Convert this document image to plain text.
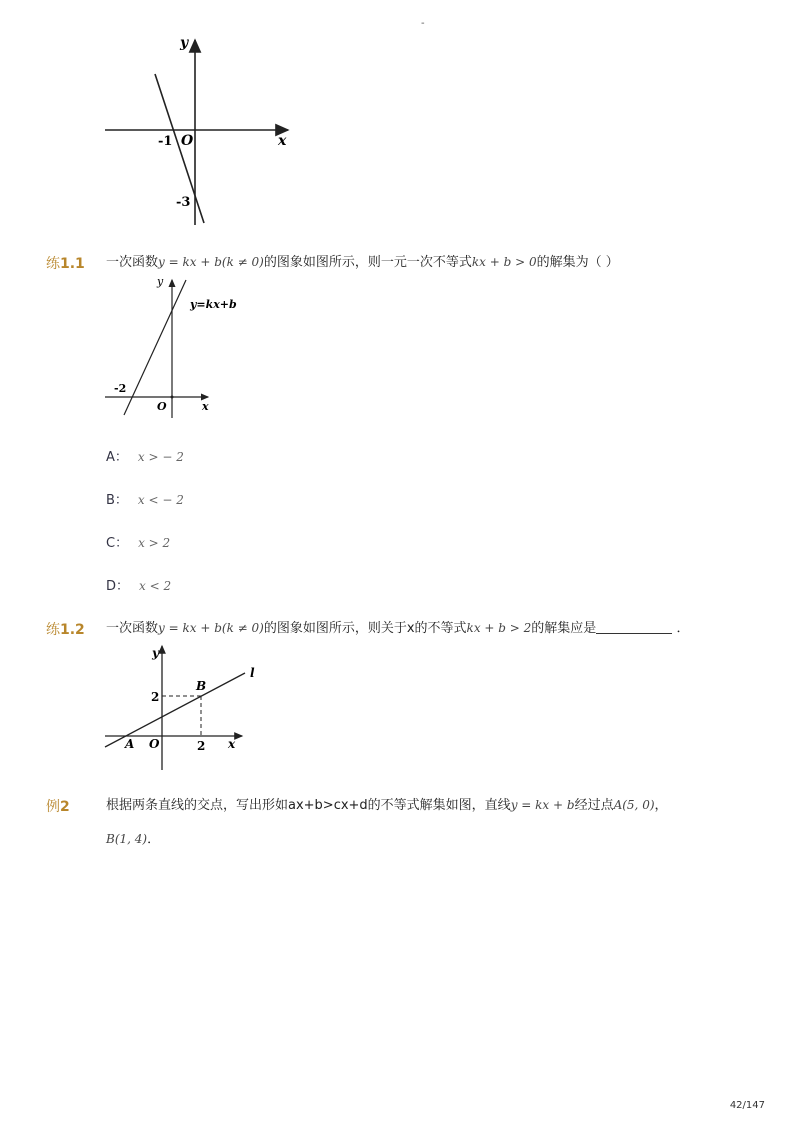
-
y
x
O
-1
-3
练1.1 一次函数y = kx + b(k ≠ 0)的图象如图所示，则一元一次不等式kx + b > 0的解集为（ ）
y
x
O
y=kx+b
-2
A： x > − 2
B： x < − 2
C： x > 2
D： x < 2
练1.2 一次函数y = kx + b(k ≠ 0)的图象如图所示，则关于x的不等式kx + b > 2的解集应是	．
y
x
O
l
B
A
2
2
例2	根据两条直线的交点，写出形如ax+b>cx+d的不等式解集如图，直线y = kx + b经过点A(5, 0)，
B(1, 4)．
42/147
